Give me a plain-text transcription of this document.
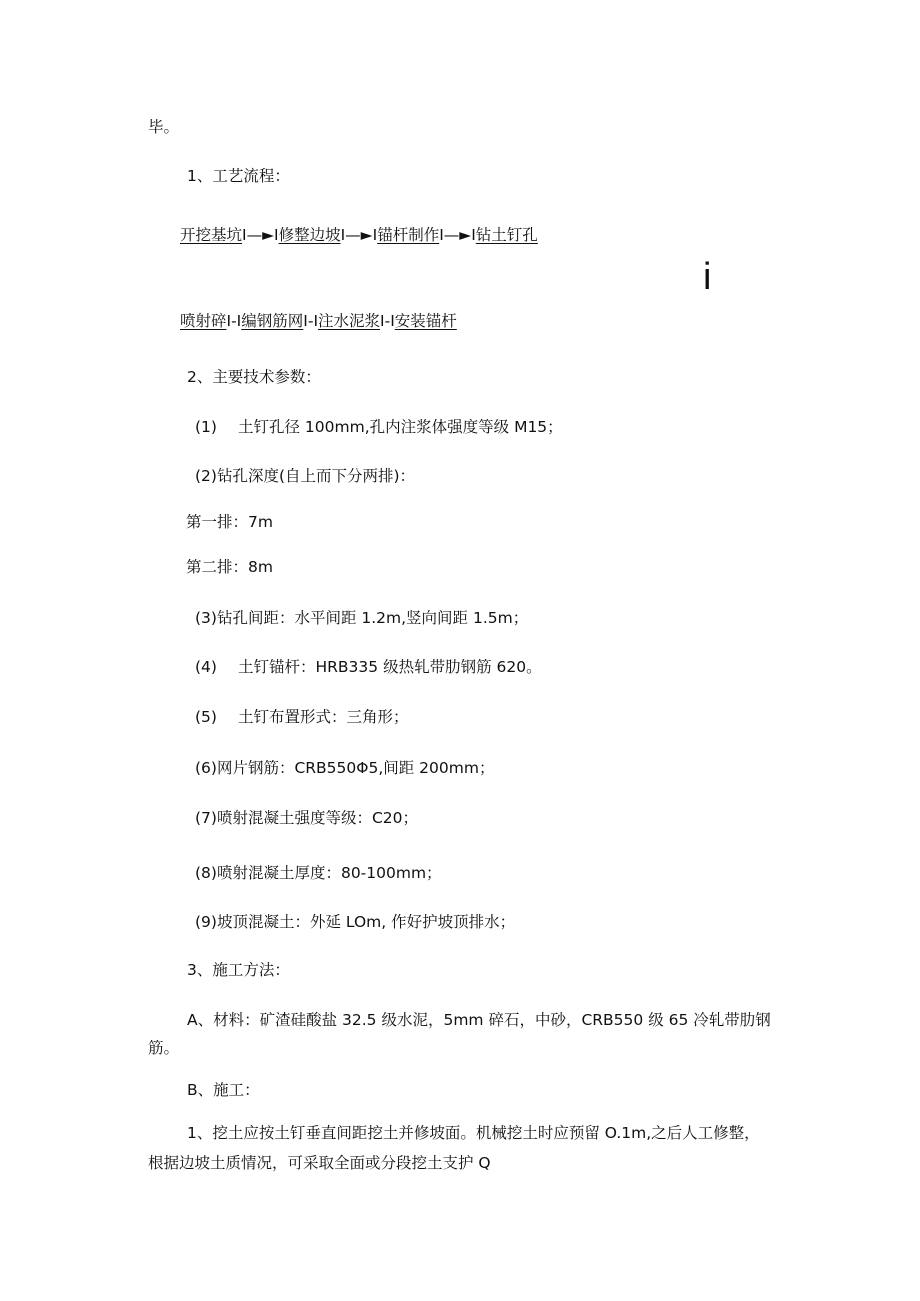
毕。
1、工艺流程：
开挖基坑I—►I修整边坡I—►I锚杆制作I—►I钻土钉孔
i
喷射碎I-I编钢筋网I-I注水泥浆I-I安装锚杆
2、主要技术参数：
(1) 土钉孔径 100mm,孔内注浆体强度等级 M15；
(2)钻孔深度(自上而下分两排)：
第一排：7m
第二排：8m
(3)钻孔间距：水平间距 1.2m,竖向间距 1.5m；
(4) 土钉锚杆：HRB335 级热轧带肋钢筋 620。
(5) 土钉布置形式：三角形；
(6)网片钢筋：CRB550Φ5,间距 200mm；
(7)喷射混凝土强度等级：C20；
(8)喷射混凝土厚度：80-100mm；
(9)坡顶混凝土：外延 LOm, 作好护坡顶排水；
3、施工方法：
A、材料：矿渣硅酸盐 32.5 级水泥，5mm 碎石，中砂，CRB550 级 65 冷轧带肋钢
筋。
B、施工：
1、挖土应按土钉垂直间距挖土并修坡面。机械挖土时应预留 O.1m,之后人工修整，
根据边坡土质情况，可采取全面或分段挖土支护 Q
